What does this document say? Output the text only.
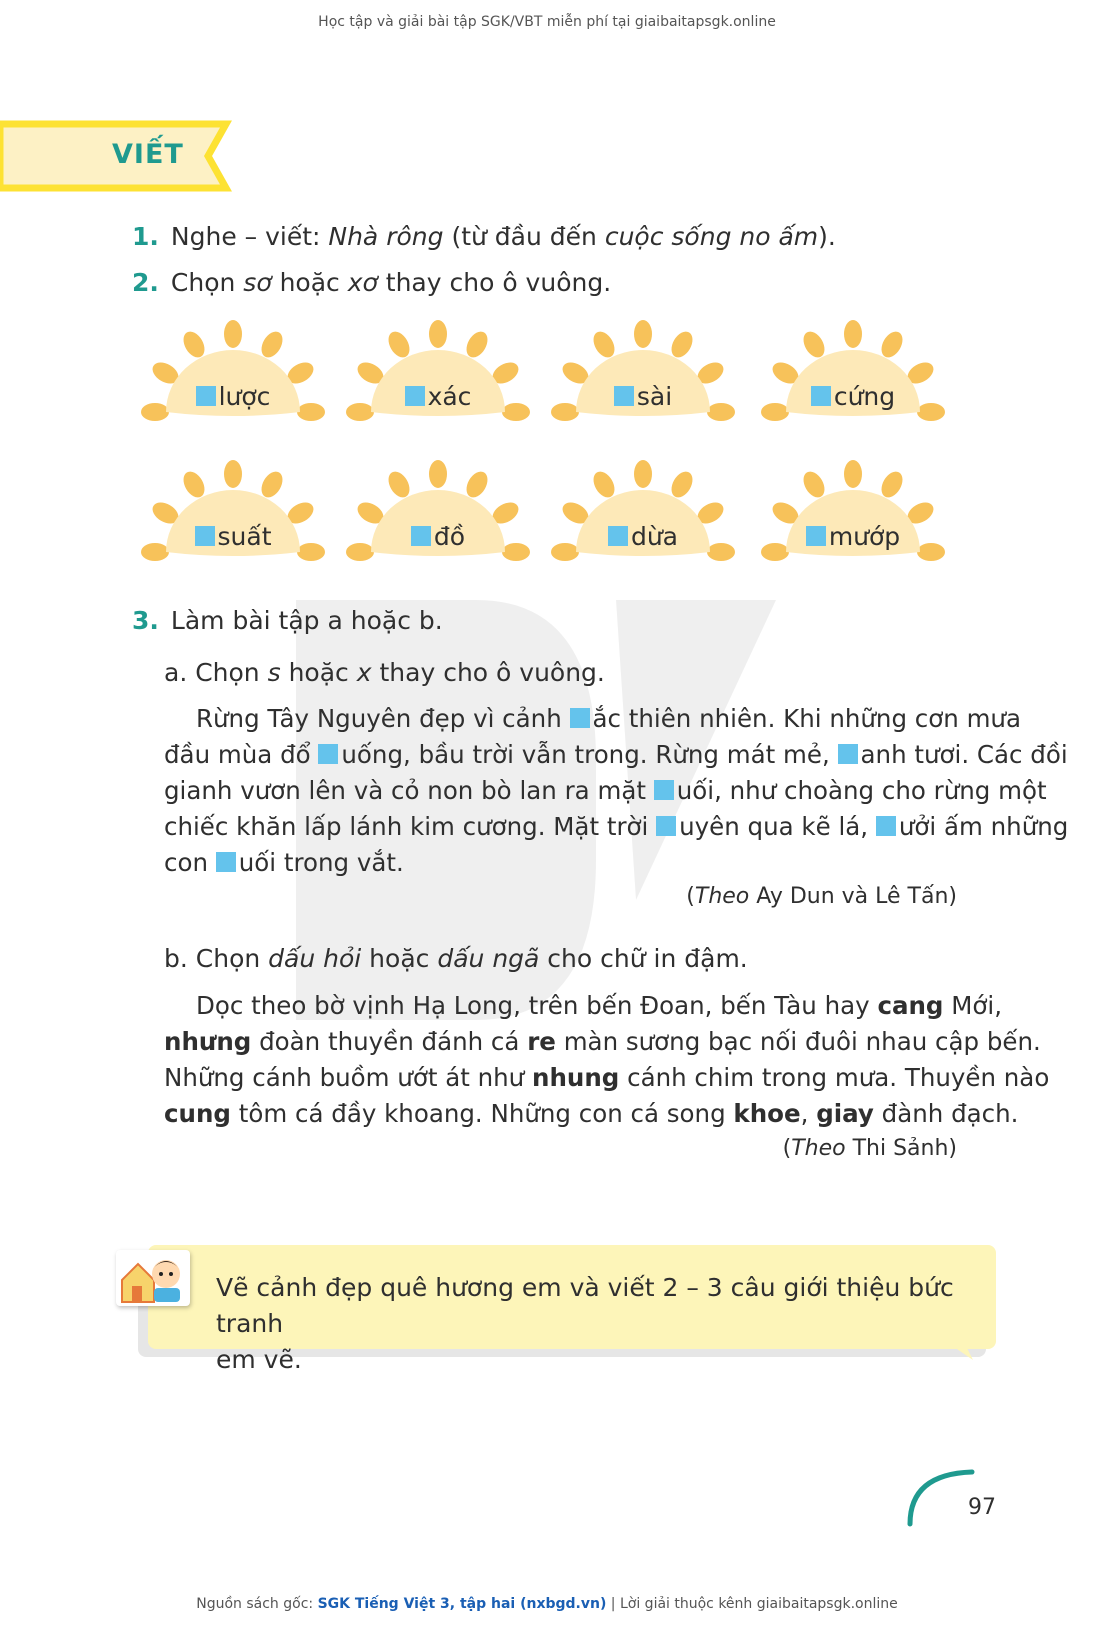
Học tập và giải bài tập SGK/VBT miễn phí tại giaibaitapsgk.online
VIẾT
1. Nghe – viết: Nhà rông (từ đầu đến cuộc sống no ấm).
2. Chọn sơ hoặc xơ thay cho ô vuông.
lược	xác	sài	cứng
suất	đồ	dừa	mướp
3. Làm bài tập a hoặc b.
a. Chọn s hoặc x thay cho ô vuông.
Rừng Tây Nguyên đẹp vì cảnh ắc thiên nhiên. Khi những cơn mưa
đầu mùa đổ uống, bầu trời vẫn trong. Rừng mát mẻ, anh tươi. Các đồi
gianh vươn lên và cỏ non bò lan ra mặt uối, như choàng cho rừng một
chiếc khăn lấp lánh kim cương. Mặt trời uyên qua kẽ lá, ưởi ấm những
con uối trong vắt.
(Theo Ay Dun và Lê Tấn)
b. Chọn dấu hỏi hoặc dấu ngã cho chữ in đậm.
Dọc theo bờ vịnh Hạ Long, trên bến Đoan, bến Tàu hay cang Mới,
nhưng đoàn thuyền đánh cá re màn sương bạc nối đuôi nhau cập bến.
Những cánh buồm ướt át như nhung cánh chim trong mưa. Thuyền nào
cung tôm cá đầy khoang. Những con cá song khoe, giay đành đạch.
(Theo Thi Sảnh)
Vẽ cảnh đẹp quê hương em và viết 2 – 3 câu giới thiệu bức tranh
em vẽ.
97
Nguồn sách gốc: SGK Tiếng Việt 3, tập hai (nxbgd.vn) | Lời giải thuộc kênh giaibaitapsgk.online
